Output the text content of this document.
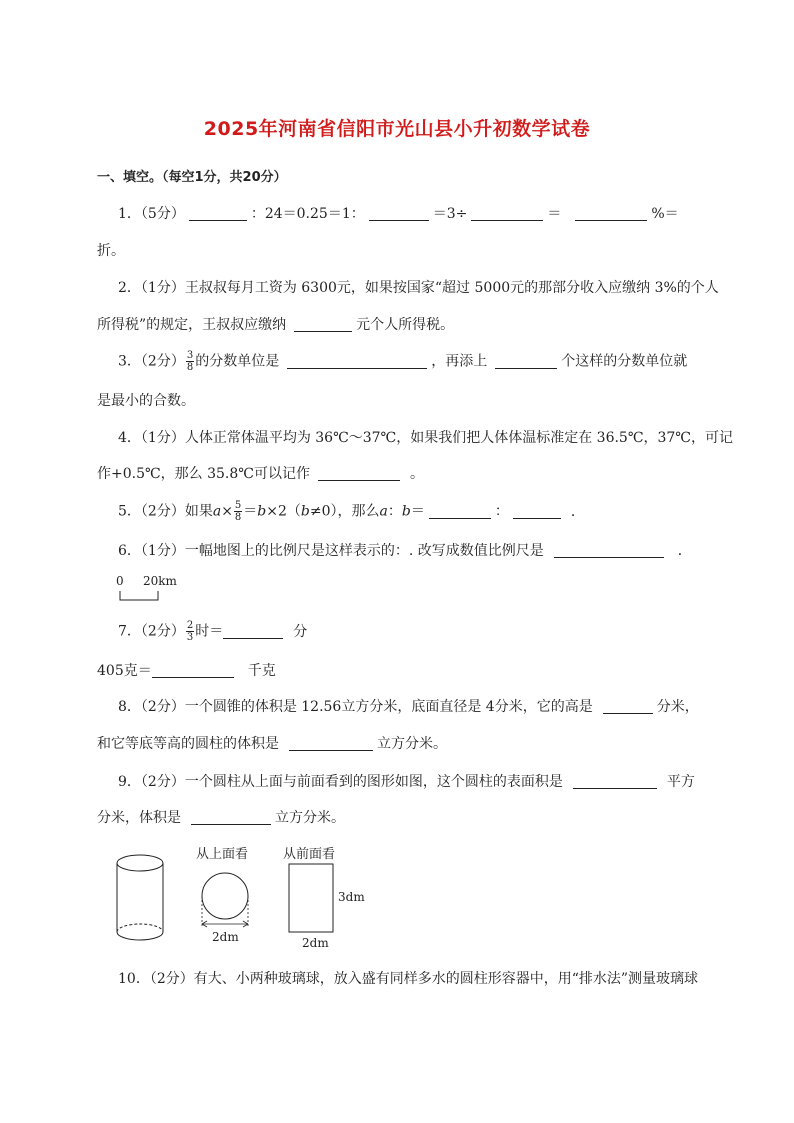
2025年河南省信阳市光山县小升初数学试卷
一、填空。（每空1分，共20分）
1．（5分）	：24＝0.25＝1：	＝3÷	＝	%＝
折。
2．（1分）王叔叔每月工资为 6300元，如果按国家“超过 5000元的那部分收入应缴纳 3%的个人
所得税”的规定，王叔叔应缴纳	元个人所得税。
3．（2分） $\frac{3}{8}$ 的分数单位是	，再添上	个这样的分数单位就
是最小的合数。
4．（1分）人体正常体温平均为 36℃～37℃，如果我们把人体体温标准定在 36.5℃，37℃，可记
作+0.5℃，那么 35.8℃可以记作	。
5．（2分）如果$a\times \frac{5}{8} =b\times 2(b\ne 0)$，那么a：b＝	：	．
6．（1分）一幅地图上的比例尺是这样表示的：. 改写成数值比例尺是	．
0 20km
7．（2分） $\frac{2}{3}$ 时＝	分
405克＝	千克
8．（2分）一个圆锥的体积是 12.56立方分米，底面直径是 4分米，它的高是	分米，
和它等底等高的圆柱的体积是	立方分米。
9．（2分）一个圆柱从上面与前面看到的图形如图，这个圆柱的表面积是	平方
分米，体积是	立方分米。
从上面看
2dm
从前面看
3dm
2dm
10．（2分）有大、小两种玻璃球，放入盛有同样多水的圆柱形容器中，用“排水法”测量玻璃球
